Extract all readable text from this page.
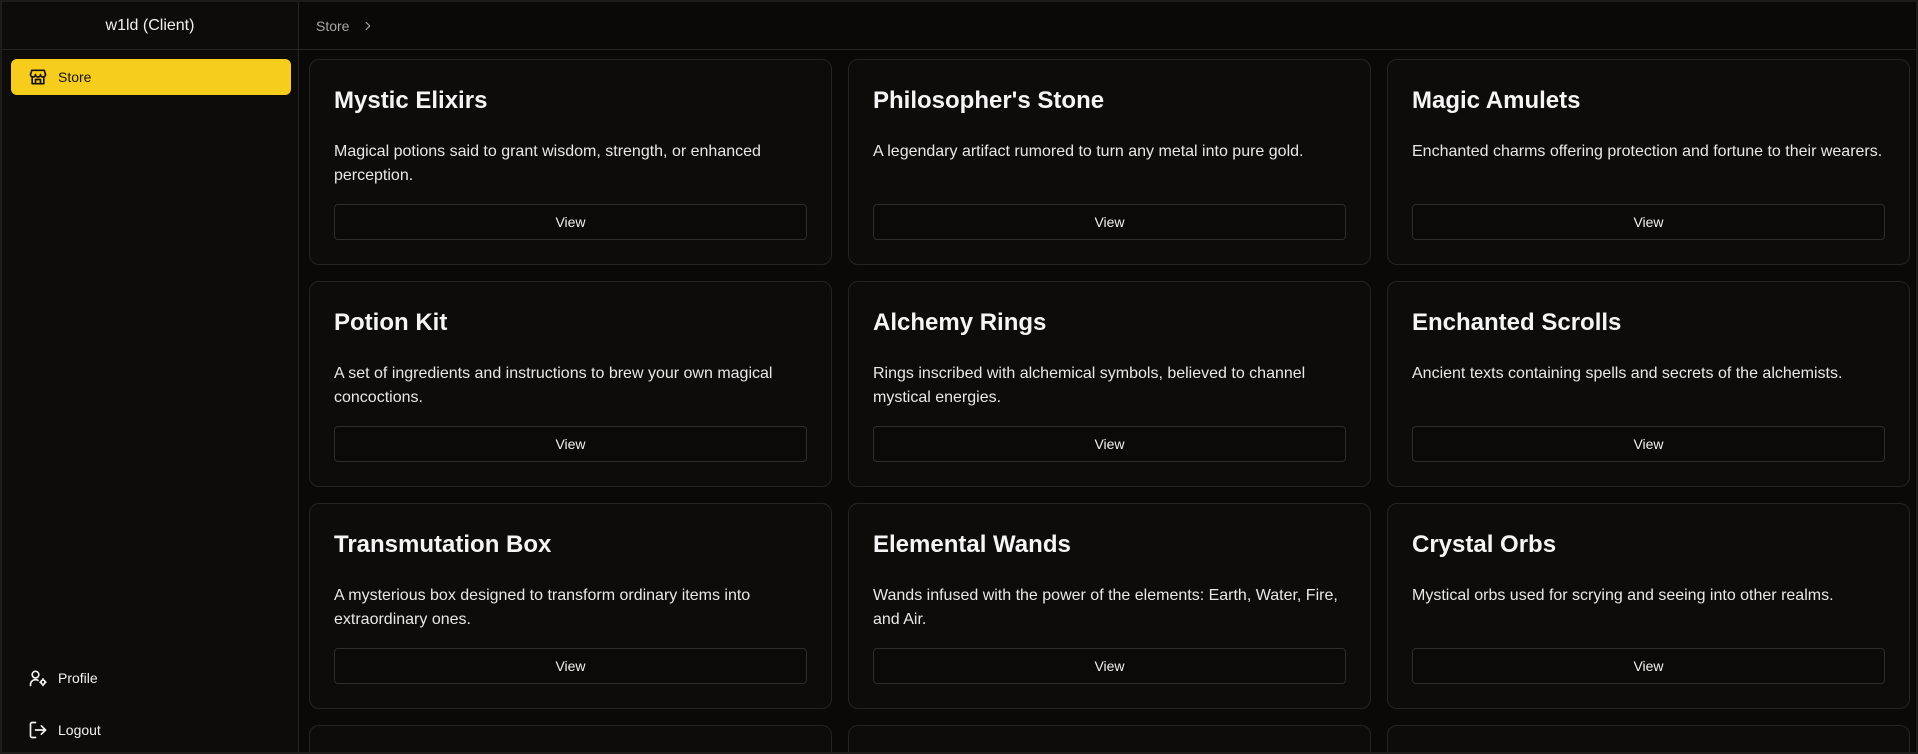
w1ld (Client)
Store
Profile
Logout
Store
Mystic Elixirs
Magical potions said to grant wisdom, strength, or enhanced perception.
View
Philosopher's Stone
A legendary artifact rumored to turn any metal into pure gold.
View
Magic Amulets
Enchanted charms offering protection and fortune to their wearers.
View
Potion Kit
A set of ingredients and instructions to brew your own magical concoctions.
View
Alchemy Rings
Rings inscribed with alchemical symbols, believed to channel mystical energies.
View
Enchanted Scrolls
Ancient texts containing spells and secrets of the alchemists.
View
Transmutation Box
A mysterious box designed to transform ordinary items into extraordinary ones.
View
Elemental Wands
Wands infused with the power of the elements: Earth, Water, Fire, and Air.
View
Crystal Orbs
Mystical orbs used for scrying and seeing into other realms.
View
